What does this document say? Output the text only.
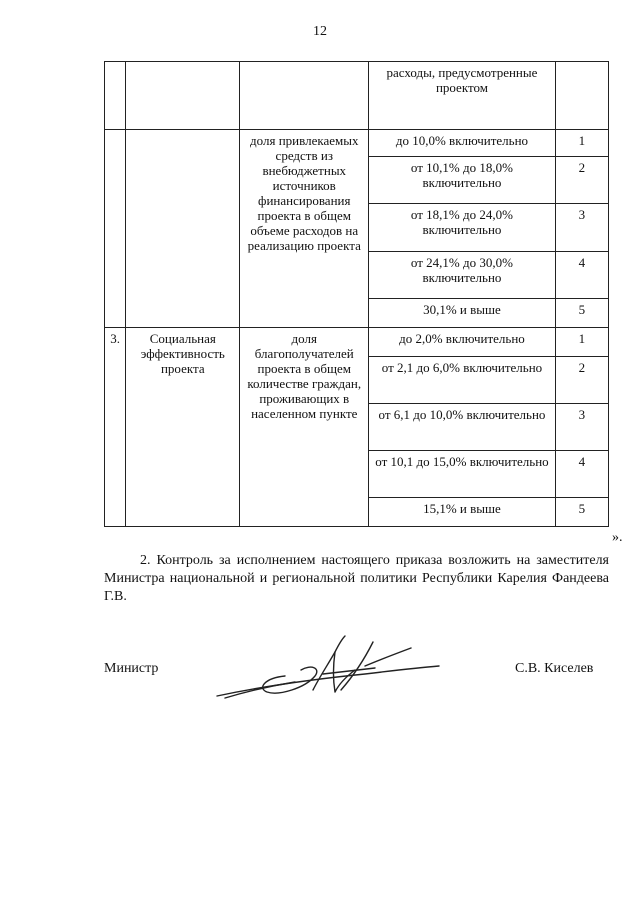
12
			расходы, предусмотренные проектом	
		доля привлекаемых средств из внебюджетных источников финансирования проекта в общем объеме расходов на реализацию проекта	до 10,0% включительно	1
			от 10,1% до 18,0% включительно	2
			от 18,1% до 24,0% включительно	3
			от 24,1% до 30,0% включительно	4
			30,1% и выше	5
3.	Социальная эффективность проекта	доля благополучателей проекта в общем количестве граждан, проживающих в населенном пункте	до 2,0% включительно	1
			от 2,1 до 6,0% включительно	2
			от 6,1 до 10,0% включительно	3
			от 10,1 до 15,0% включительно	4
			15,1% и выше	5
».
2. Контроль за исполнением настоящего приказа возложить на заместителя Министра национальной и региональной политики Республики Карелия Фандеева Г.В.
Министр	С.В. Киселев
